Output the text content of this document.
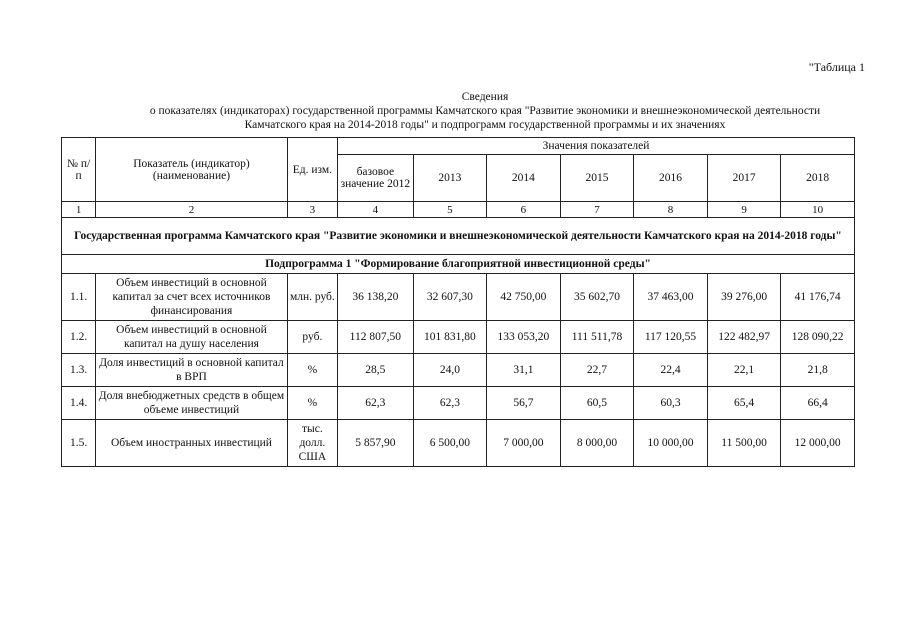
"Таблица 1
Сведения
о показателях (индикаторах) государственной программы Камчатского края "Развитие экономики и внешнеэкономической деятельности
Камчатского края на 2014-2018 годы" и подпрограмм государственной программы и их значениях
№ п/п	Показатель (индикатор) (наименование)	Ед. изм.	Значения показателей						
			базовое значение 2012	2013	2014	2015	2016	2017	2018
1	2	3	4	5	6	7	8	9	10
Государственная программа Камчатского края "Развитие экономики и внешнеэкономической деятельности Камчатского края на 2014-2018 годы"									
Подпрограмма 1 "Формирование благоприятной инвестиционной среды"									
1.1.	Объем инвестиций в основной капитал за счет всех источников финансирования	млн. руб.	36 138,20	32 607,30	42 750,00	35 602,70	37 463,00	39 276,00	41 176,74
1.2.	Объем инвестиций в основной капитал на душу населения	руб.	112 807,50	101 831,80	133 053,20	111 511,78	117 120,55	122 482,97	128 090,22
1.3.	Доля инвестиций в основной капитал в ВРП	%	28,5	24,0	31,1	22,7	22,4	22,1	21,8
1.4.	Доля внебюджетных средств в общем объеме инвестиций	%	62,3	62,3	56,7	60,5	60,3	65,4	66,4
1.5.	Объем иностранных инвестиций	тыс. долл. США	5 857,90	6 500,00	7 000,00	8 000,00	10 000,00	11 500,00	12 000,00
